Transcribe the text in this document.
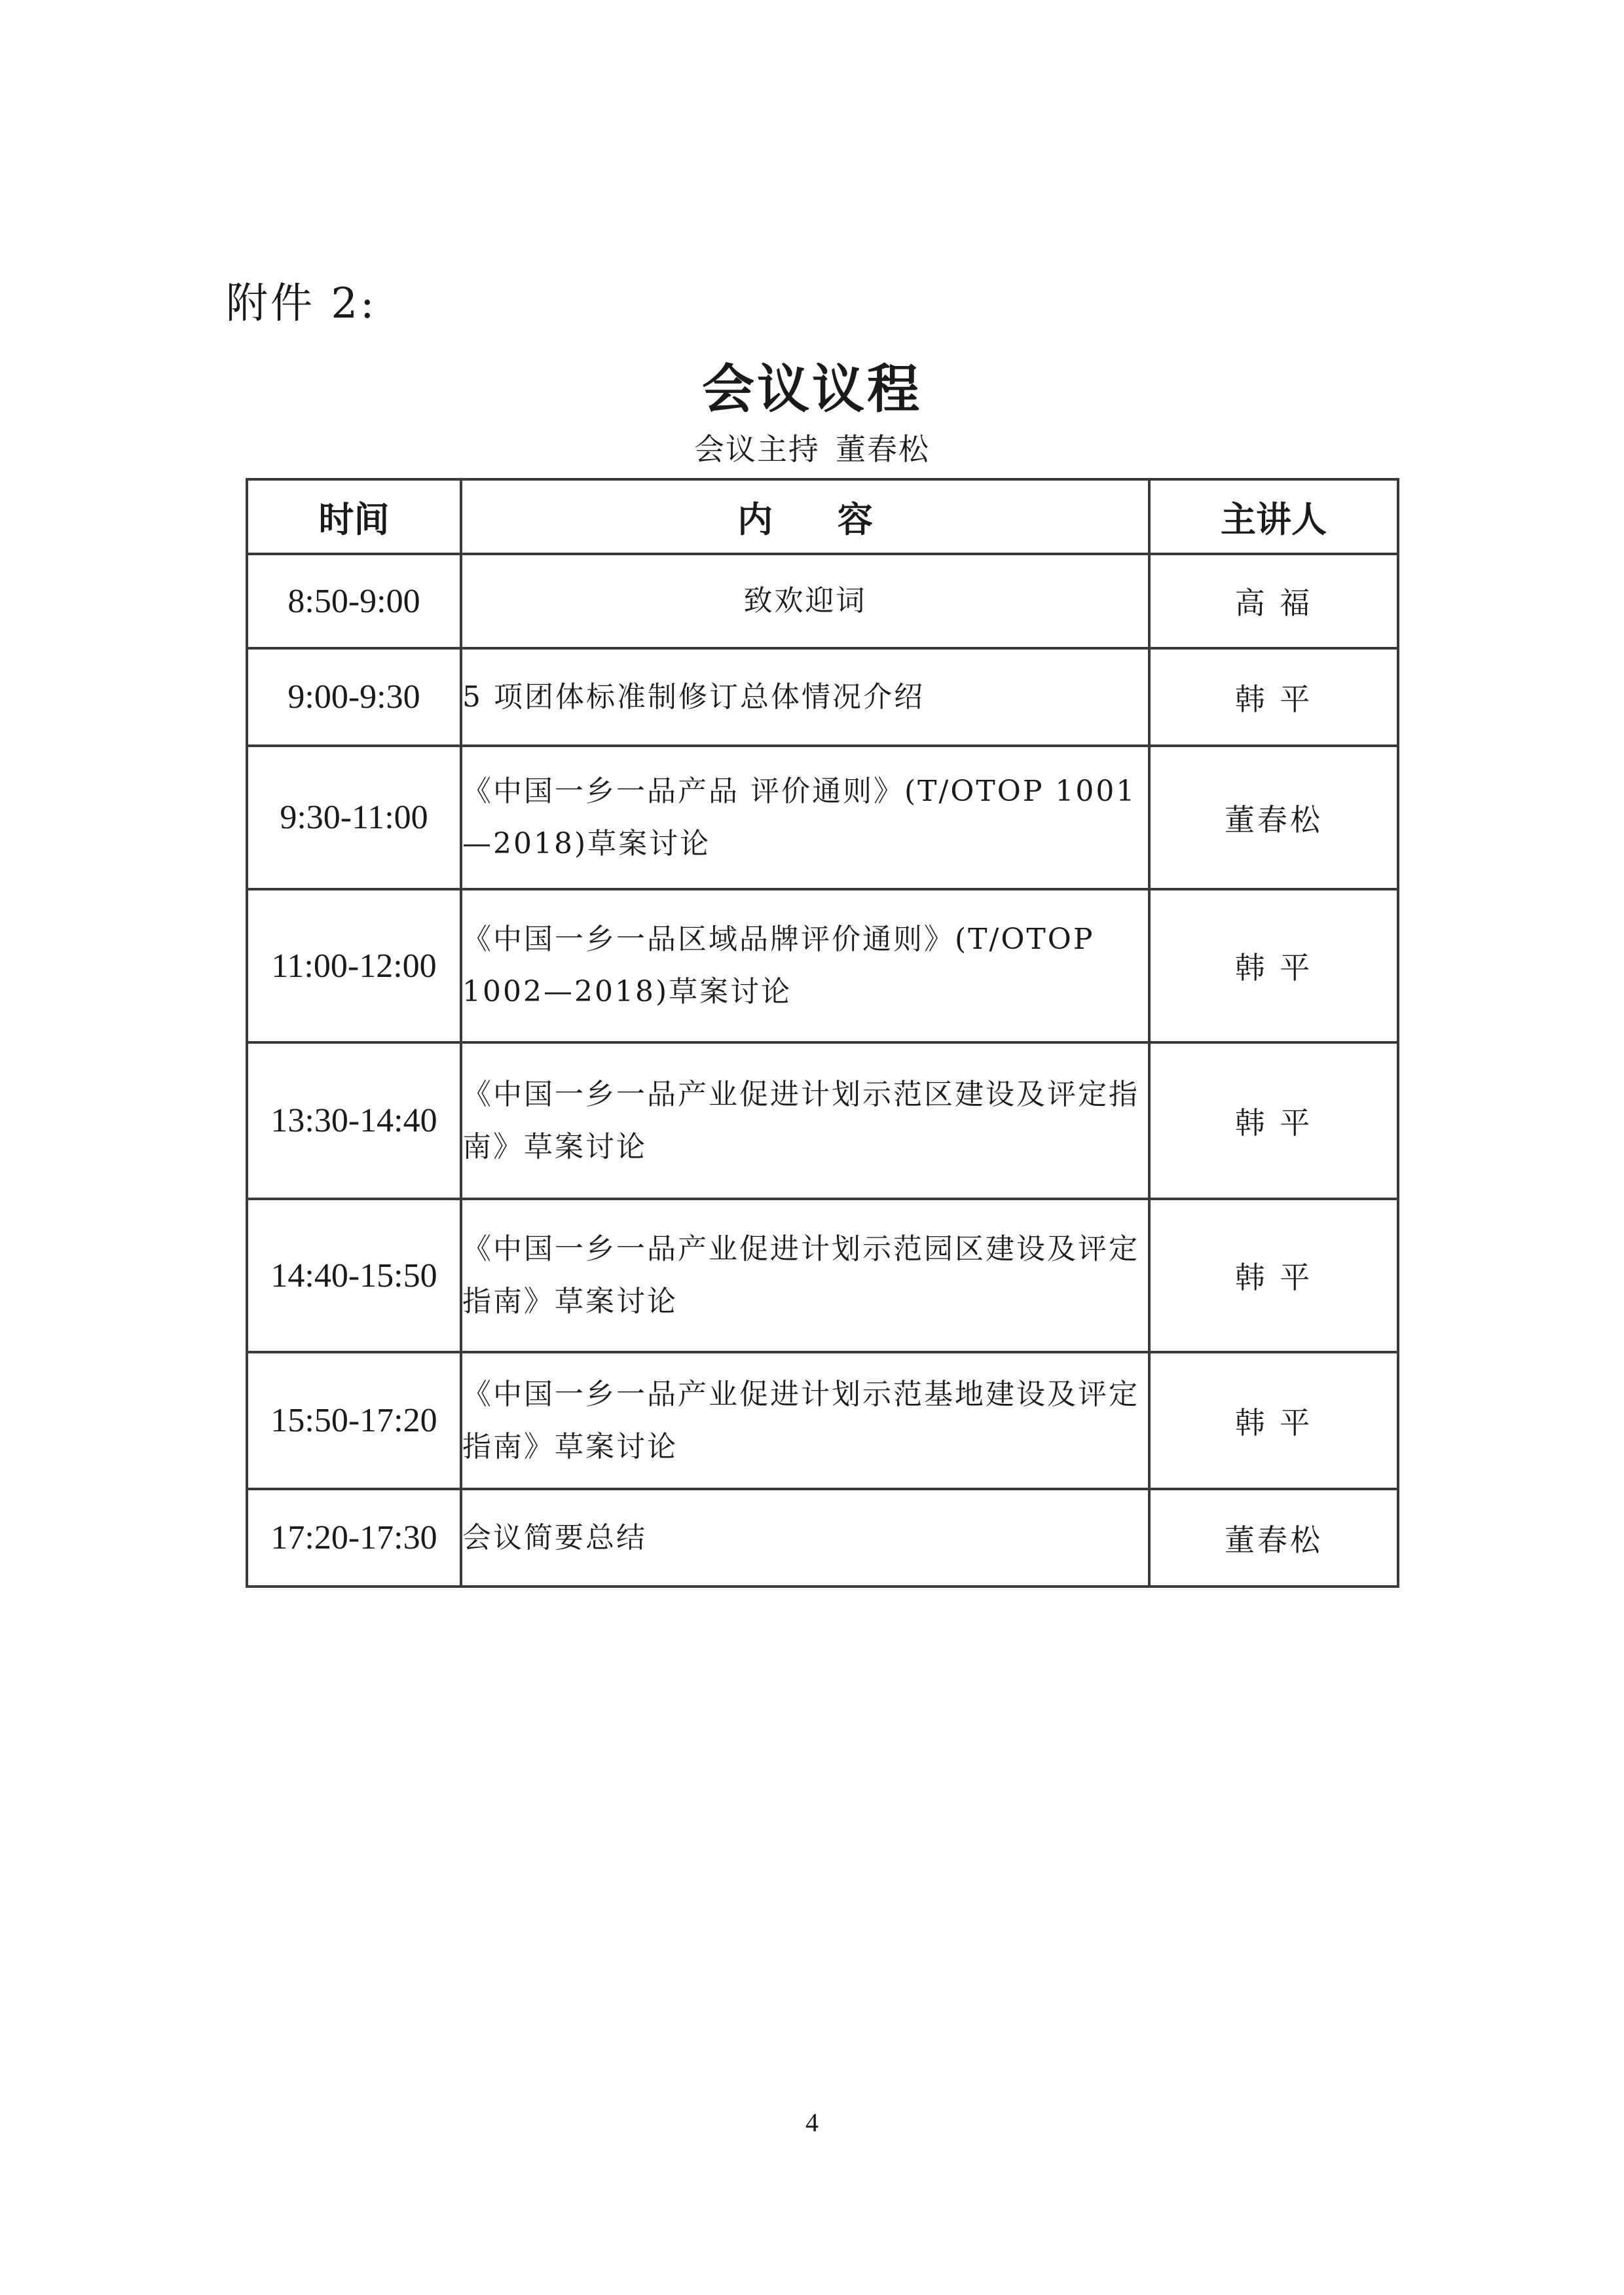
附件 2:
会议议程
会议主持 董春松
时间	内 容	主讲人
8:50-9:00	致欢迎词	高 福
9:00-9:30	5 项团体标准制修订总体情况介绍	韩 平
9:30-11:00	《中国一乡一品产品 评价通则》(T/OTOP 1001—2018)草案讨论	董春松
11:00-12:00	《中国一乡一品区域品牌评价通则》(T/OTOP 1002—2018)草案讨论	韩 平
13:30-14:40	《中国一乡一品产业促进计划示范区建设及评定指南》草案讨论	韩 平
14:40-15:50	《中国一乡一品产业促进计划示范园区建设及评定指南》草案讨论	韩 平
15:50-17:20	《中国一乡一品产业促进计划示范基地建设及评定指南》草案讨论	韩 平
17:20-17:30	会议简要总结	董春松
4
